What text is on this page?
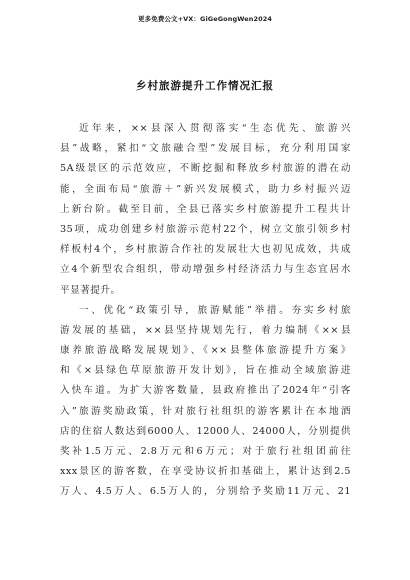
更多免费公文+VX：GiGeGongWen2024
乡村旅游提升工作情况汇报
近年来，××县深入贯彻落实“生态优先、旅游兴
县”战略，紧扣“文旅融合型”发展目标，充分利用国家
5A级景区的示范效应，不断挖掘和释放乡村旅游的潜在动
能，全面布局“旅游＋”新兴发展模式，助力乡村振兴迈
上新台阶。截至目前，全县已落实乡村旅游提升工程共计
35项，成功创建乡村旅游示范村22个，树立文旅引领乡村
样板村4个，乡村旅游合作社的发展壮大也初见成效，共成
立4个新型农合组织，带动增强乡村经济活力与生态宜居水
平显著提升。
一、优化“政策引导，旅游赋能”举措。夯实乡村旅
游发展的基础，××县坚持规划先行，着力编制《××县
康养旅游战略发展规划》、《××县整体旅游提升方案》
和《×县绿色草原旅游开发计划》，旨在推动全域旅游进
入快车道。为扩大游客数量，县政府推出了2024年“引客
入”旅游奖励政策，针对旅行社组织的游客累计在本地酒
店的住宿人数达到6000人、12000人、24000人，分别提供
奖补1.5万元、2.8万元和6万元；对于旅行社组团前往
xxx景区的游客数，在享受协议折扣基础上，累计达到2.5
万人、4.5万人、6.5万人的，分别给予奖励11万元、21
